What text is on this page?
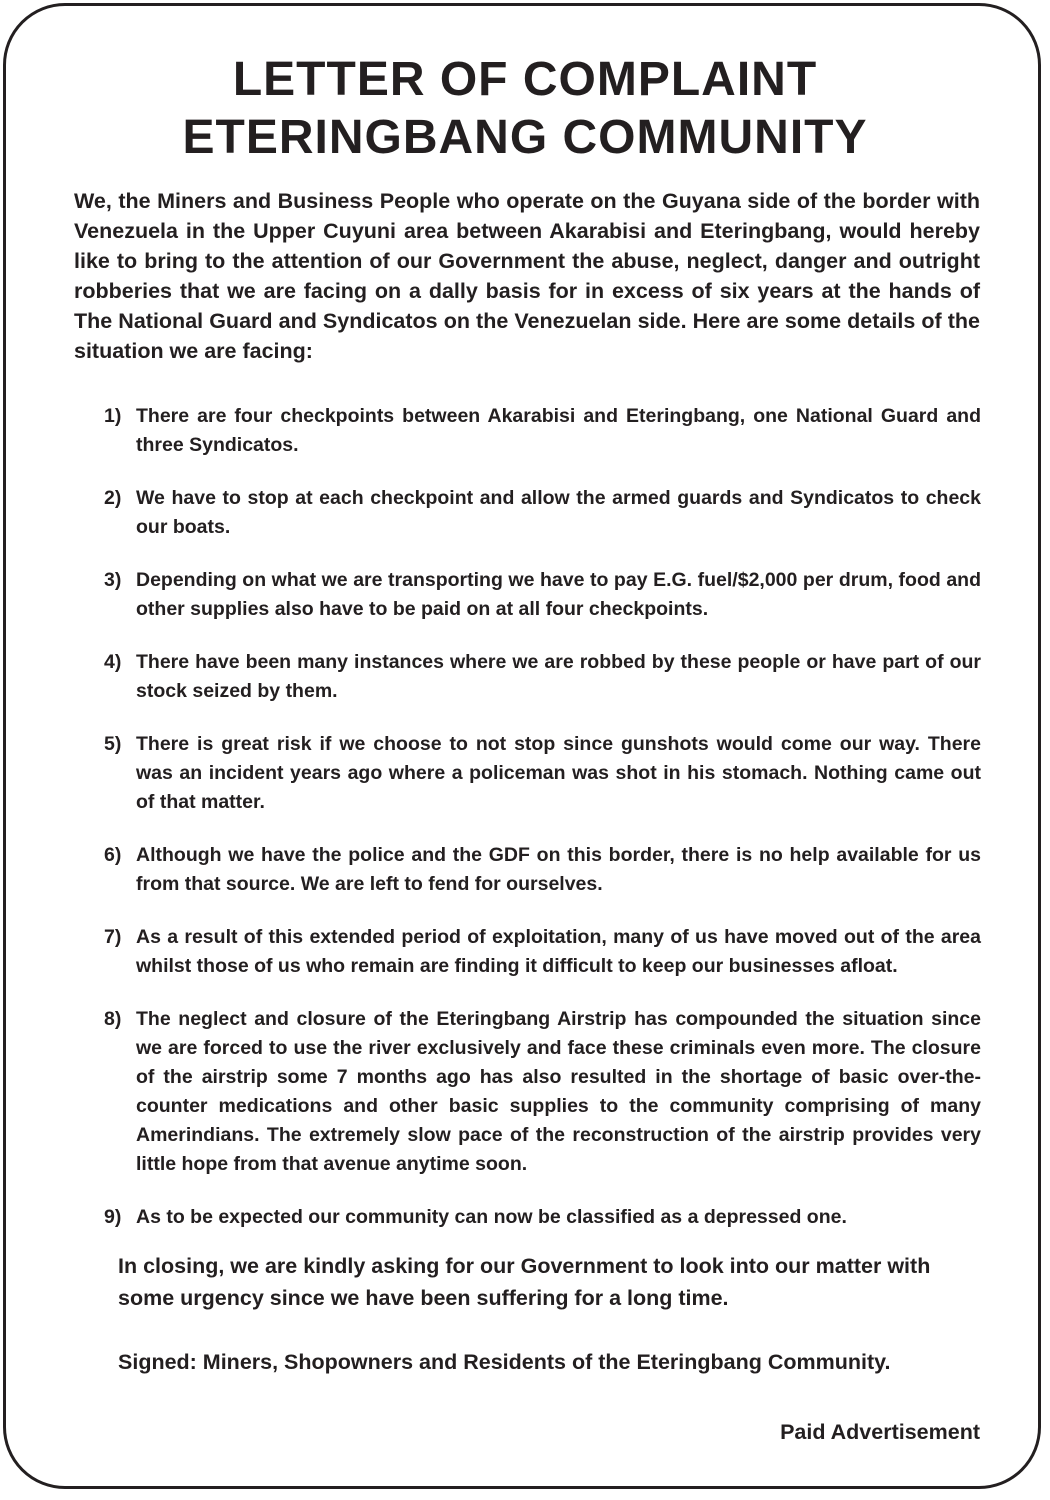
LETTER OF COMPLAINT
ETERINGBANG COMMUNITY

We, the Miners and Business People who operate on the Guyana side of the border with Venezuela in the Upper Cuyuni area between Akarabisi and Eteringbang, would hereby like to bring to the attention of our Government the abuse, neglect, danger and outright robberies that we are facing on a dally basis for in excess of six years at the hands of The National Guard and Syndicatos on the Venezuelan side. Here are some details of the situation we are facing:

1) There are four checkpoints between Akarabisi and Eteringbang, one National Guard and three Syndicatos.
2) We have to stop at each checkpoint and allow the armed guards and Syndicatos to check our boats.
3) Depending on what we are transporting we have to pay E.G. fuel/$2,000 per drum, food and other supplies also have to be paid on at all four checkpoints.
4) There have been many instances where we are robbed by these people or have part of our stock seized by them.
5) There is great risk if we choose to not stop since gunshots would come our way. There was an incident years ago where a policeman was shot in his stomach. Nothing came out of that matter.
6) Although we have the police and the GDF on this border, there is no help available for us from that source. We are left to fend for ourselves.
7) As a result of this extended period of exploitation, many of us have moved out of the area whilst those of us who remain are finding it difficult to keep our businesses afloat.
8) The neglect and closure of the Eteringbang Airstrip has compounded the situation since we are forced to use the river exclusively and face these criminals even more. The closure of the airstrip some 7 months ago has also resulted in the shortage of basic over-the-counter medications and other basic supplies to the community comprising of many Amerindians. The extremely slow pace of the reconstruction of the airstrip provides very little hope from that avenue anytime soon.
9) As to be expected our community can now be classified as a depressed one.

In closing, we are kindly asking for our Government to look into our matter with some urgency since we have been suffering for a long time.

Signed: Miners, Shopowners and Residents of the Eteringbang Community.

Paid Advertisement
